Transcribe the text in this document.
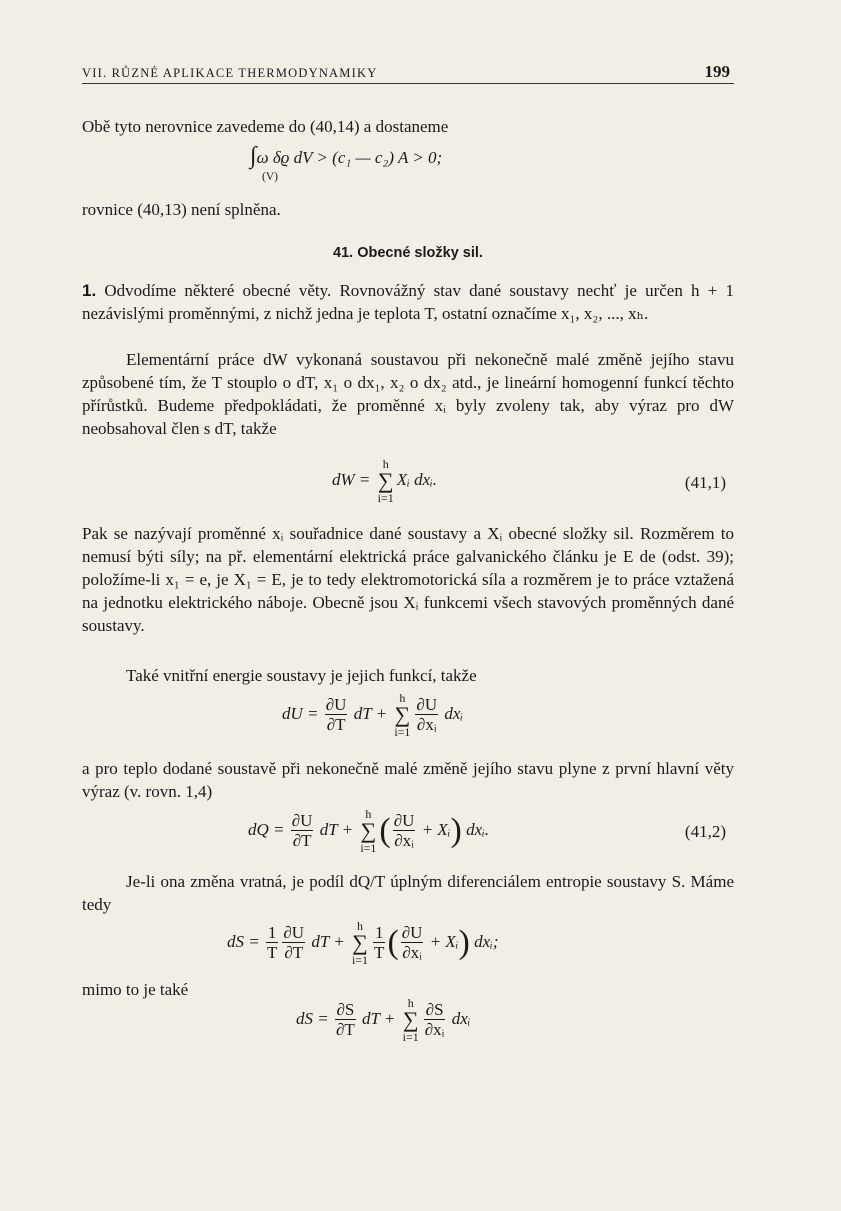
VII. RŮZNÉ APLIKACE THERMODYNAMIKY	199
Obě tyto nerovnice zavedeme do (40,14) a dostaneme
∫ω δϱ dV > (c₁ — c₂) A > 0;
(V)
rovnice (40,13) není splněna.
41. Obecné složky sil.
1. Odvodíme některé obecné věty. Rovnovážný stav dané soustavy nechť je určen h + 1 nezávislými proměnnými, z nichž jedna je teplota T, ostatní označíme x₁, x₂, ..., xₕ.
Elementární práce dW vykonaná soustavou při nekonečně malé změně jejího stavu způsobené tím, že T stouplo o dT, x₁ o dx₁, x₂ o dx₂ atd., je lineární homogenní funkcí těchto přírůstků. Budeme předpokládati, že proměnné xᵢ byly zvoleny tak, aby výraz pro dW neobsahoval člen s dT, takže
dW =
h
∑
i=1
Xᵢ dxᵢ.	(41,1)
Pak se nazývají proměnné xᵢ souřadnice dané soustavy a Xᵢ obecné složky sil. Rozměrem to nemusí býti síly; na př. elementární elektrická práce galvanického článku je E de (odst. 39); položíme-li x₁ = e, je X₁ = E, je to tedy elektromotorická síla a rozměrem je to práce vztažená na jednotku elektrického náboje. Obecně jsou Xᵢ funkcemi všech stavových proměnných dané soustavy.
Také vnitřní energie soustavy je jejich funkcí, takže
dU = $\frac{\partial U}{\partial T}$ dT +
h
∑
$i=1 \frac{\partial U}{\text{∂xᵢ}}$ dxᵢ
a pro teplo dodané soustavě při nekonečně malé změně jejího stavu plyne z první hlavní věty výraz (v. rovn. 1,4)
dQ = $\frac{\partial U}{\partial T}$ dT +
h
∑
i=1 ( $\frac{\partial U}{\text{∂xᵢ}}$ + Xᵢ) dxᵢ.	(41,2)
Je-li ona změna vratná, je podíl dQ/T úplným diferenciálem entropie soustavy S. Máme tedy
dS = $\frac{1}{T} \frac{\partial U}{\partial T}$ dT +
h
∑
$i=1 \frac{1}{T}$ ( $\frac{\partial U}{\text{∂xᵢ}}$ + Xᵢ) dxᵢ;
mimo to je také
dS = $\frac{\partial S}{\partial T}$ dT +
h
∑
$i=1 \frac{\partial S}{\text{∂xᵢ}}$ dxᵢ
